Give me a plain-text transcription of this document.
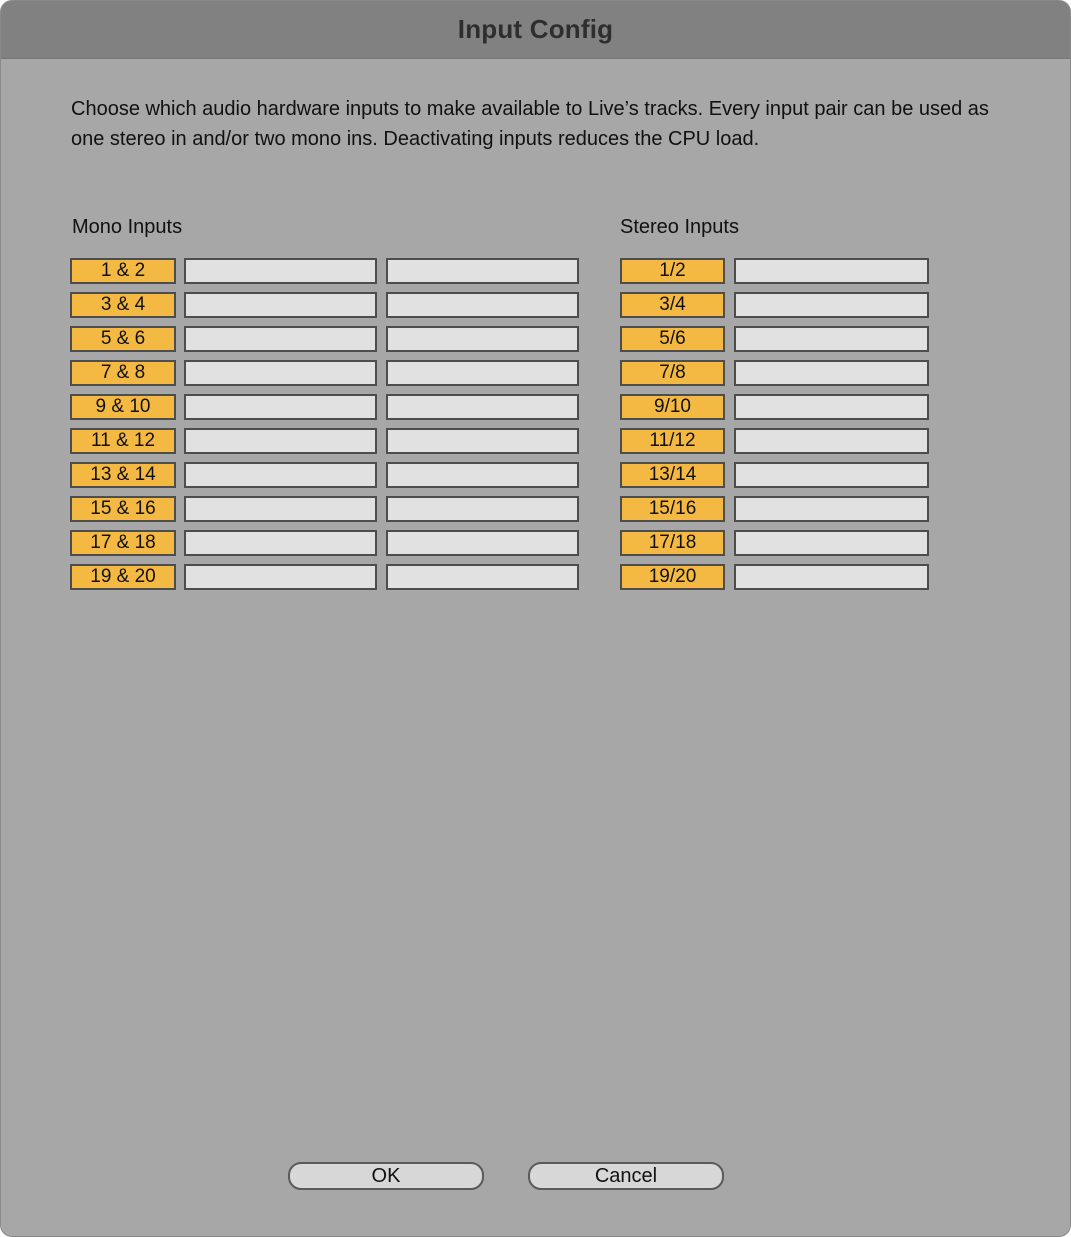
Input Config
Choose which audio hardware inputs to make available to Live’s tracks. Every input pair can be used as one stereo in and/or two mono ins. Deactivating inputs reduces the CPU load.
Mono Inputs	Stereo Inputs
1 & 2
3 & 4
5 & 6
7 & 8
9 & 10
11 & 12
13 & 14
15 & 16
17 & 18
19 & 20
1/2
3/4
5/6
7/8
9/10
11/12
13/14
15/16
17/18
19/20
OK	Cancel
